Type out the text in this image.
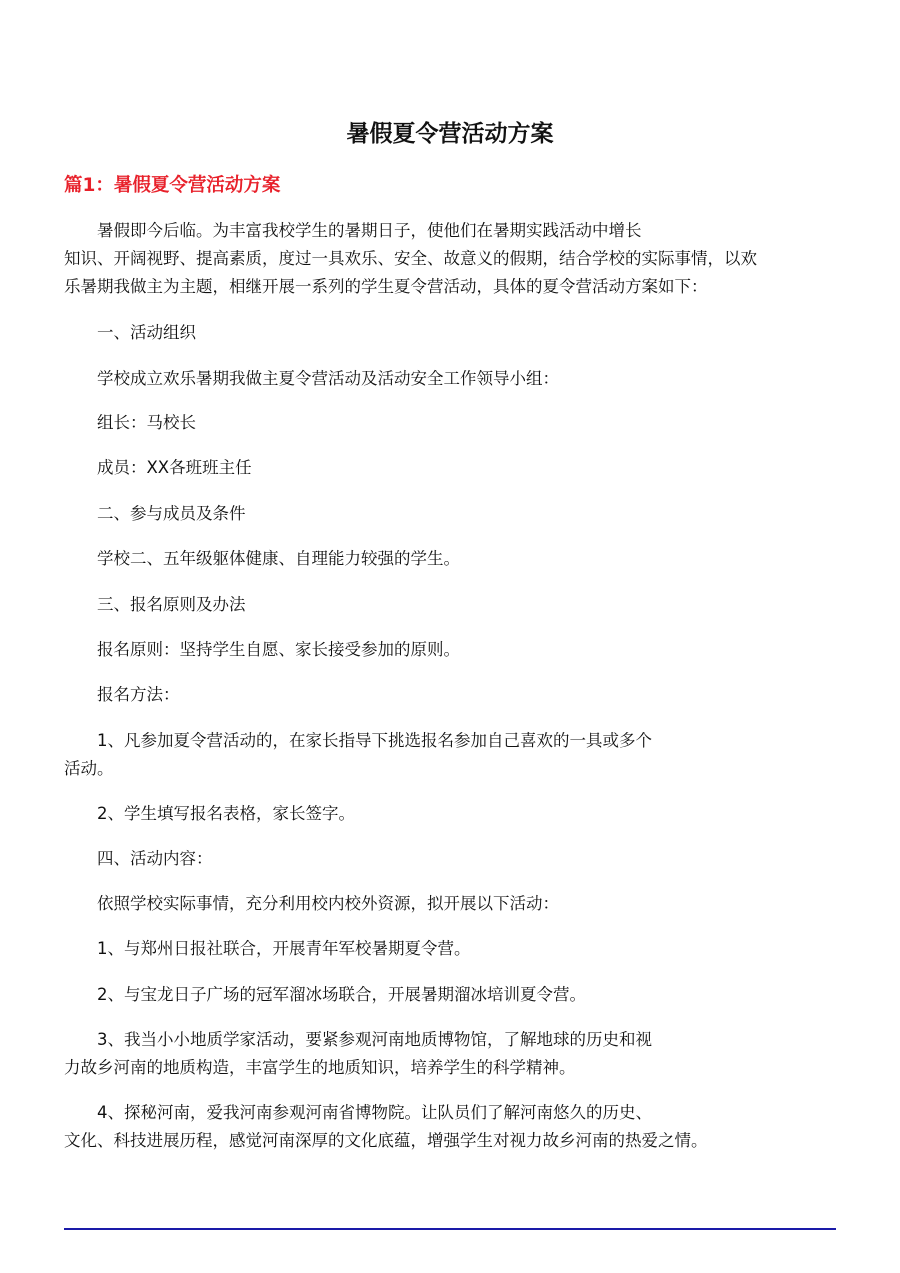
暑假夏令营活动方案
篇1：暑假夏令营活动方案
暑假即今后临。为丰富我校学生的暑期日子，使他们在暑期实践活动中增长
知识、开阔视野、提高素质，度过一具欢乐、安全、故意义的假期，结合学校的实际事情，以欢
乐暑期我做主为主题，相继开展一系列的学生夏令营活动，具体的夏令营活动方案如下：
一、活动组织
学校成立欢乐暑期我做主夏令营活动及活动安全工作领导小组：
组长：马校长
成员：XX各班班主任
二、参与成员及条件
学校二、五年级躯体健康、自理能力较强的学生。
三、报名原则及办法
报名原则：坚持学生自愿、家长接受参加的原则。
报名方法：
1、凡参加夏令营活动的，在家长指导下挑选报名参加自己喜欢的一具或多个
活动。
2、学生填写报名表格，家长签字。
四、活动内容：
依照学校实际事情，充分利用校内校外资源，拟开展以下活动：
1、与郑州日报社联合，开展青年军校暑期夏令营。
2、与宝龙日子广场的冠军溜冰场联合，开展暑期溜冰培训夏令营。
3、我当小小地质学家活动，要紧参观河南地质博物馆，了解地球的历史和视
力故乡河南的地质构造，丰富学生的地质知识，培养学生的科学精神。
4、探秘河南，爱我河南参观河南省博物院。让队员们了解河南悠久的历史、
文化、科技进展历程，感觉河南深厚的文化底蕴，增强学生对视力故乡河南的热爱之情。
